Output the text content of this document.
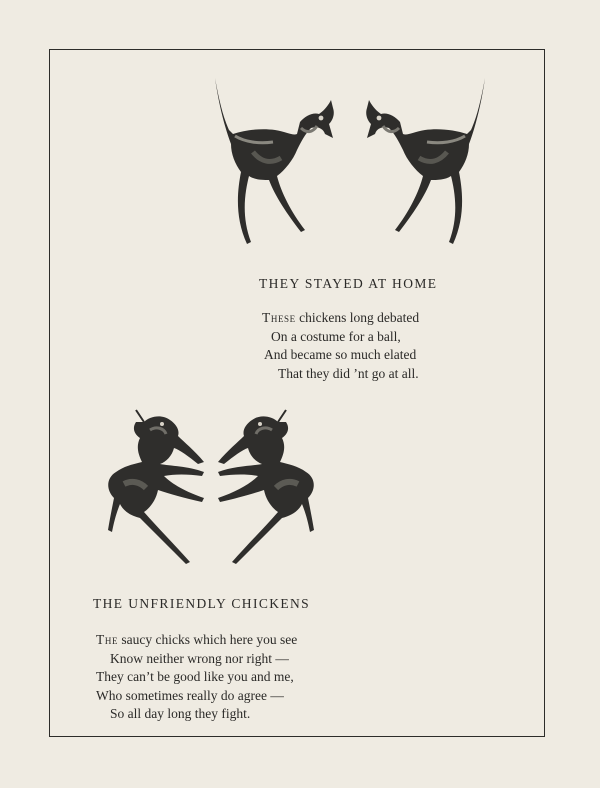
THEY STAYED AT HOME
These chickens long debated
On a costume for a ball,
And became so much elated
That they did ’nt go at all.
THE UNFRIENDLY CHICKENS
The saucy chicks which here you see
Know neither wrong nor right —
They can’t be good like you and me,
Who sometimes really do agree —
So all day long they fight.
